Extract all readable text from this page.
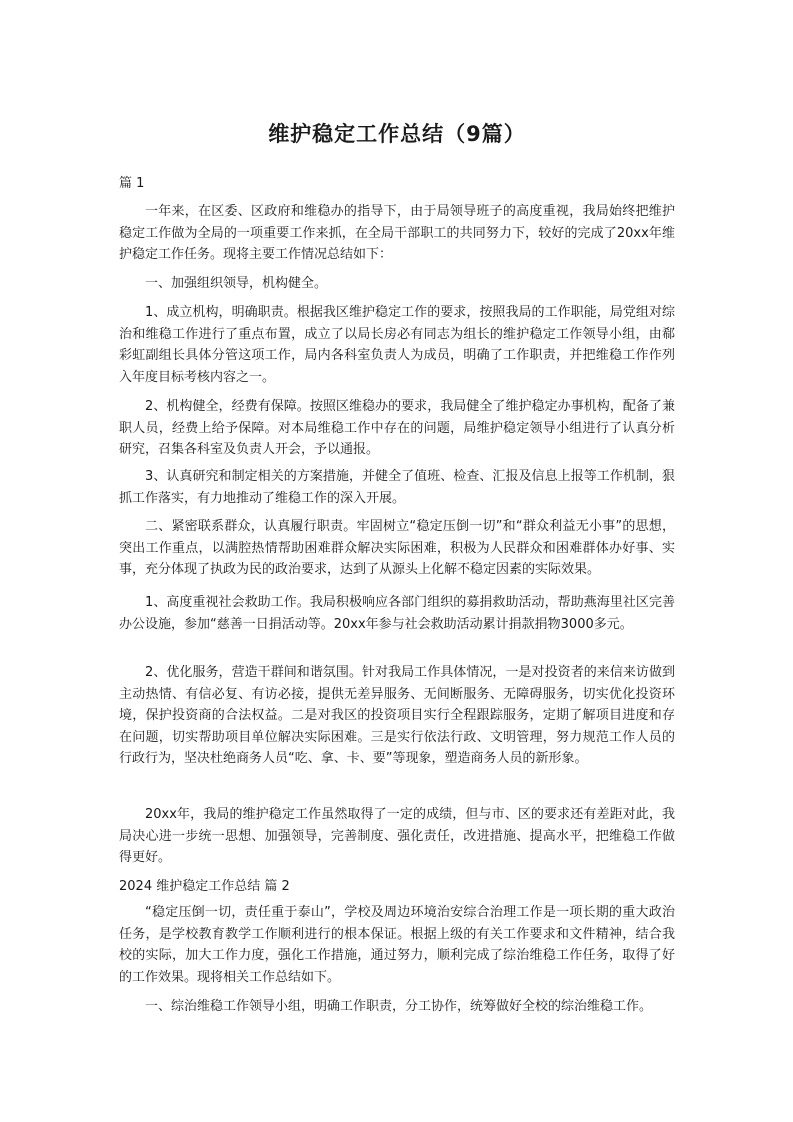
维护稳定工作总结（9篇）

篇 1

一年来，在区委、区政府和维稳办的指导下，由于局领导班子的高度重视，我局始终把维护稳定工作做为全局的一项重要工作来抓，在全局干部职工的共同努力下，较好的完成了20xx年维护稳定工作任务。现将主要工作情况总结如下：

一、加强组织领导，机构健全。

1、成立机构，明确职责。根据我区维护稳定工作的要求，按照我局的工作职能，局党组对综治和维稳工作进行了重点布置，成立了以局长房必有同志为组长的维护稳定工作领导小组，由郗彩虹副组长具体分管这项工作，局内各科室负责人为成员，明确了工作职责，并把维稳工作作列入年度目标考核内容之一。

2、机构健全，经费有保障。按照区维稳办的要求，我局健全了维护稳定办事机构，配备了兼职人员，经费上给予保障。对本局维稳工作中存在的问题，局维护稳定领导小组进行了认真分析研究，召集各科室及负责人开会，予以通报。

3、认真研究和制定相关的方案措施，并健全了值班、检查、汇报及信息上报等工作机制，狠抓工作落实，有力地推动了维稳工作的深入开展。

二、紧密联系群众，认真履行职责。牢固树立“稳定压倒一切”和“群众利益无小事”的思想，突出工作重点，以满腔热情帮助困难群众解决实际困难，积极为人民群众和困难群体办好事、实事，充分体现了执政为民的政治要求，达到了从源头上化解不稳定因素的实际效果。

1、高度重视社会救助工作。我局积极响应各部门组织的募捐救助活动，帮助燕海里社区完善办公设施，参加“慈善一日捐活动等。20xx年参与社会救助活动累计捐款捐物3000多元。

2、优化服务，营造干群间和谐氛围。针对我局工作具体情况，一是对投资者的来信来访做到主动热情、有信必复、有访必接，提供无差异服务、无间断服务、无障碍服务，切实优化投资环境，保护投资商的合法权益。二是对我区的投资项目实行全程跟踪服务，定期了解项目进度和存在问题，切实帮助项目单位解决实际困难。三是实行依法行政、文明管理，努力规范工作人员的行政行为，坚决杜绝商务人员“吃、拿、卡、要”等现象，塑造商务人员的新形象。

20xx年，我局的维护稳定工作虽然取得了一定的成绩，但与市、区的要求还有差距对此，我局决心进一步统一思想、加强领导，完善制度、强化责任，改进措施、提高水平，把维稳工作做得更好。

2024 维护稳定工作总结 篇 2

“稳定压倒一切，责任重于泰山”，学校及周边环境治安综合治理工作是一项长期的重大政治任务，是学校教育教学工作顺利进行的根本保证。根据上级的有关工作要求和文件精神，结合我校的实际，加大工作力度，强化工作措施，通过努力，顺利完成了综治维稳工作任务，取得了好的工作效果。现将相关工作总结如下。

一、综治维稳工作领导小组，明确工作职责，分工协作，统筹做好全校的综治维稳工作。
